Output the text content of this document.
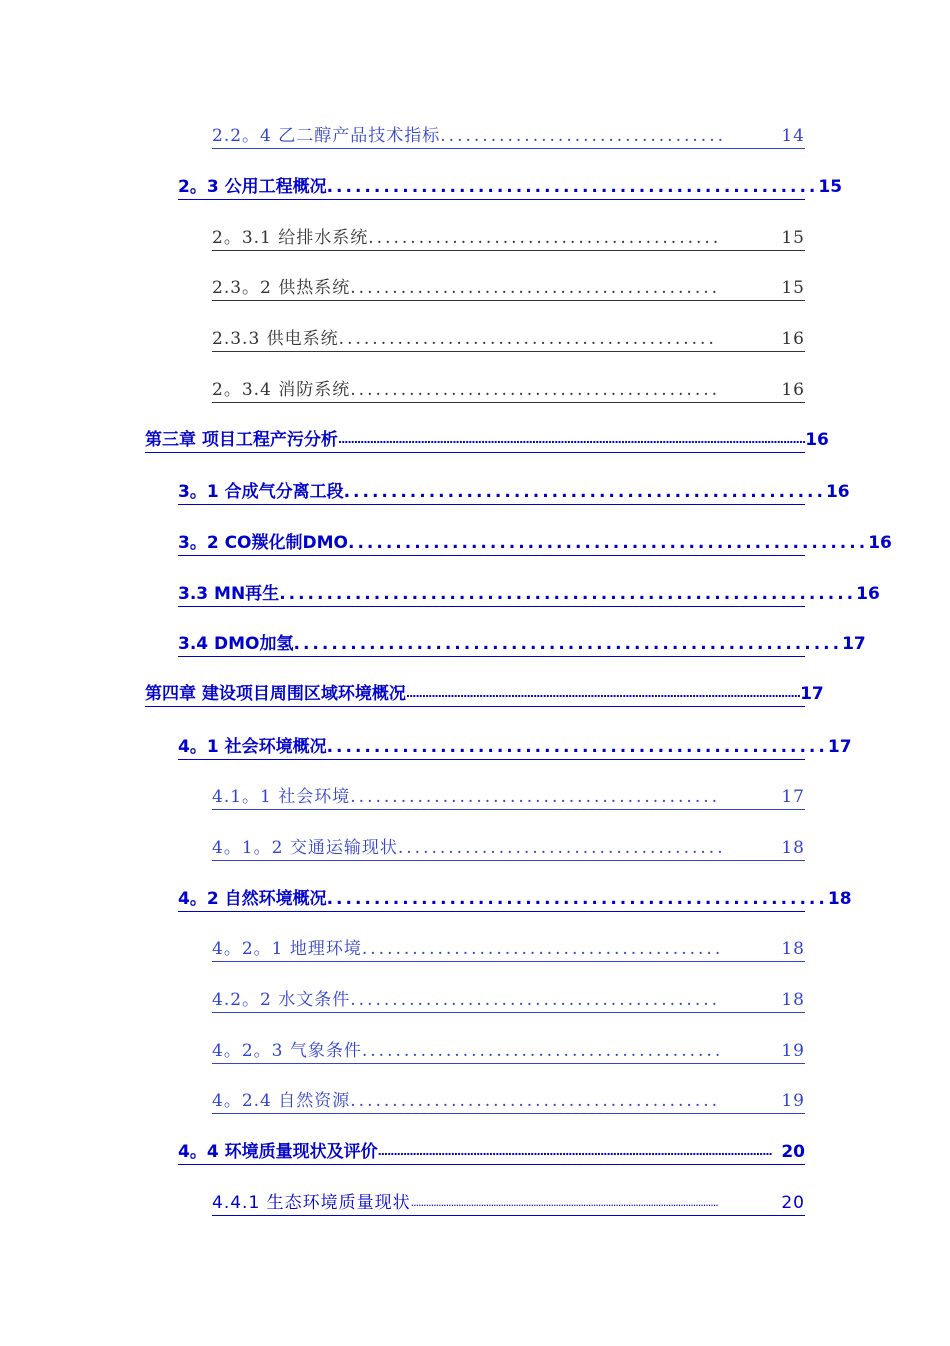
2.2。4 乙二醇产品技术指标 ..................................	14
2。3 公用工程概况 .................................................... 15
2。3.1 给排水系统 ..........................................	15
2.3。2 供热系统 ............................................	15
2.3.3 供电系统 .............................................	16
2。3.4 消防系统 ............................................	16
第三章 项目工程产污分析 ................................................................................................................................................... 16
3。1 合成气分离工段 ................................................... 16
3。2 CO羰化制DMO ....................................................... 16
3.3 MN再生 ............................................................. 16
3.4 DMO加氢 .......................................................... 17
第四章 建设项目周围区域环境概况 ............................................................................................................................ 17
4。1 社会环境概况 ..................................................... 17
4.1。1 社会环境 ............................................	17
4。1。2 交通运输现状 .......................................	18
4。2 自然环境概况 ..................................................... 18
4。2。1 地理环境 ...........................................	18
4.2。2 水文条件 ............................................	18
4。2。3 气象条件 ...........................................	19
4。2.4 自然资源 ............................................	19
4。4 环境质量现状及评价 ............................................................................................................................ 20
4.4.1 生态环境质量现状 ...........................................................................................................................	20
